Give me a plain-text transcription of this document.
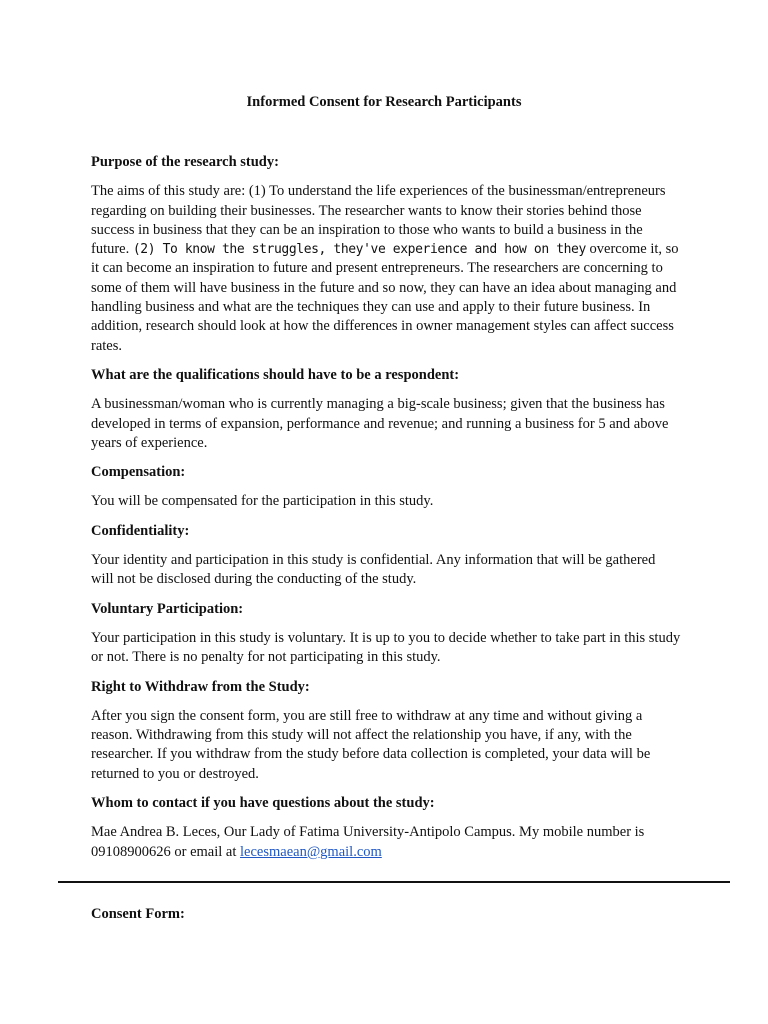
Informed Consent for Research Participants
Purpose of the research study:
The aims of this study are: (1) To understand the life experiences of the businessman/entrepreneurs regarding on building their businesses. The researcher wants to know their stories behind those success in business that they can be an inspiration to those who wants to build a business in the future. (2) To know the struggles, they've experience and how on they overcome it, so it can become an inspiration to future and present entrepreneurs. The researchers are concerning to some of them will have business in the future and so now, they can have an idea about managing and handling business and what are the techniques they can use and apply to their future business. In addition, research should look at how the differences in owner management styles can affect success rates.
What are the qualifications should have to be a respondent:
A businessman/woman who is currently managing a big-scale business; given that the business has developed in terms of expansion, performance and revenue; and running a business for 5 and above years of experience.
Compensation:
You will be compensated for the participation in this study.
Confidentiality:
Your identity and participation in this study is confidential. Any information that will be gathered will not be disclosed during the conducting of the study.
Voluntary Participation:
Your participation in this study is voluntary. It is up to you to decide whether to take part in this study or not. There is no penalty for not participating in this study.
Right to Withdraw from the Study:
After you sign the consent form, you are still free to withdraw at any time and without giving a reason. Withdrawing from this study will not affect the relationship you have, if any, with the researcher. If you withdraw from the study before data collection is completed, your data will be returned to you or destroyed.
Whom to contact if you have questions about the study:
Mae Andrea B. Leces, Our Lady of Fatima University-Antipolo Campus. My mobile number is 09108900626 or email at lecesmaean@gmail.com
Consent Form:
